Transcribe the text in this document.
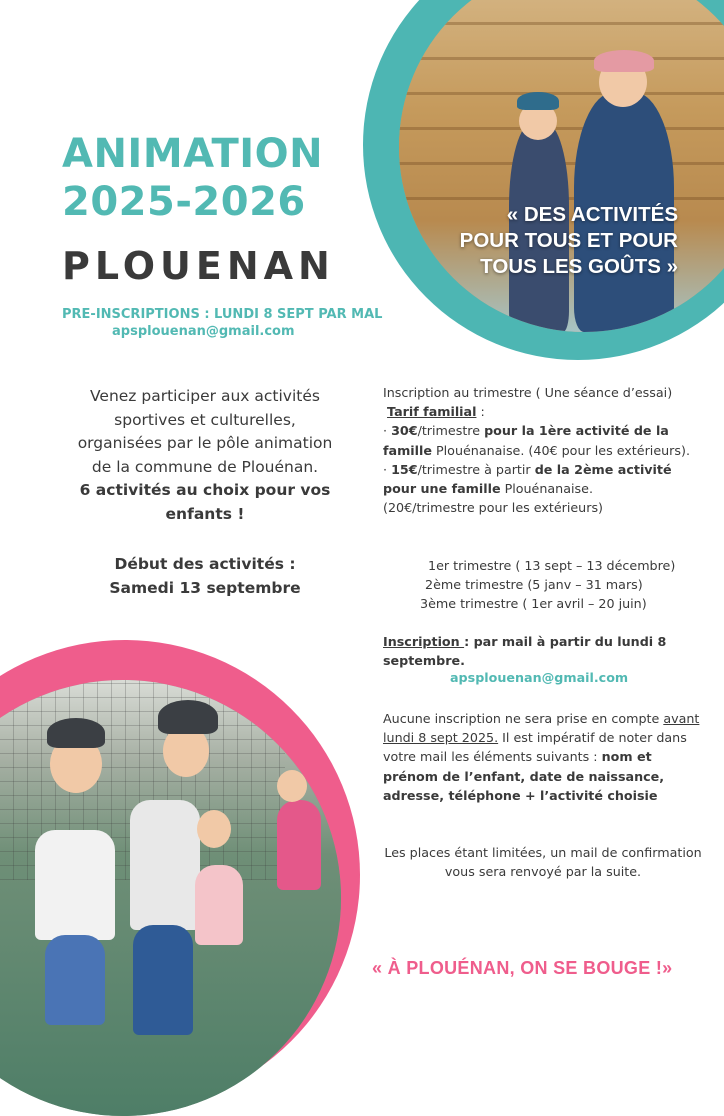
« DES ACTIVITÉS
POUR TOUS ET POUR
TOUS LES GOÛTS »
ANIMATION
2025-2026
PLOUENAN
PRE-INSCRIPTIONS : LUNDI 8 SEPT PAR MAL
apsplouenan@gmail.com
Venez participer aux activités
sportives et culturelles,
organisées par le pôle animation
de la commune de Plouénan.
6 activités au choix pour vos
enfants !
Début des activités :
Samedi 13 septembre

Inscription au trimestre ( Une séance d’essai)

Tarif familial :

· 30€/trimestre pour la 1ère activité de la famille Plouénanaise. (40€ pour les extérieurs).

· 15€/trimestre à partir de la 2ème activité pour une famille Plouénanaise.

(20€/trimestre pour les extérieurs)

1er trimestre ( 13 sept – 13 décembre)
2ème trimestre (5 janv – 31 mars)
3ème trimestre ( 1er avril – 20 juin)
Inscription : par mail à partir du lundi 8 septembre.
apsplouenan@gmail.com
Aucune inscription ne sera prise en compte avant lundi 8 sept 2025. Il est impératif de noter dans votre mail les éléments suivants : nom et prénom de l’enfant, date de naissance, adresse, téléphone + l’activité choisie
Les places étant limitées, un mail de confirmation vous sera renvoyé par la suite.
« À PLOUÉNAN, ON SE BOUGE !»
